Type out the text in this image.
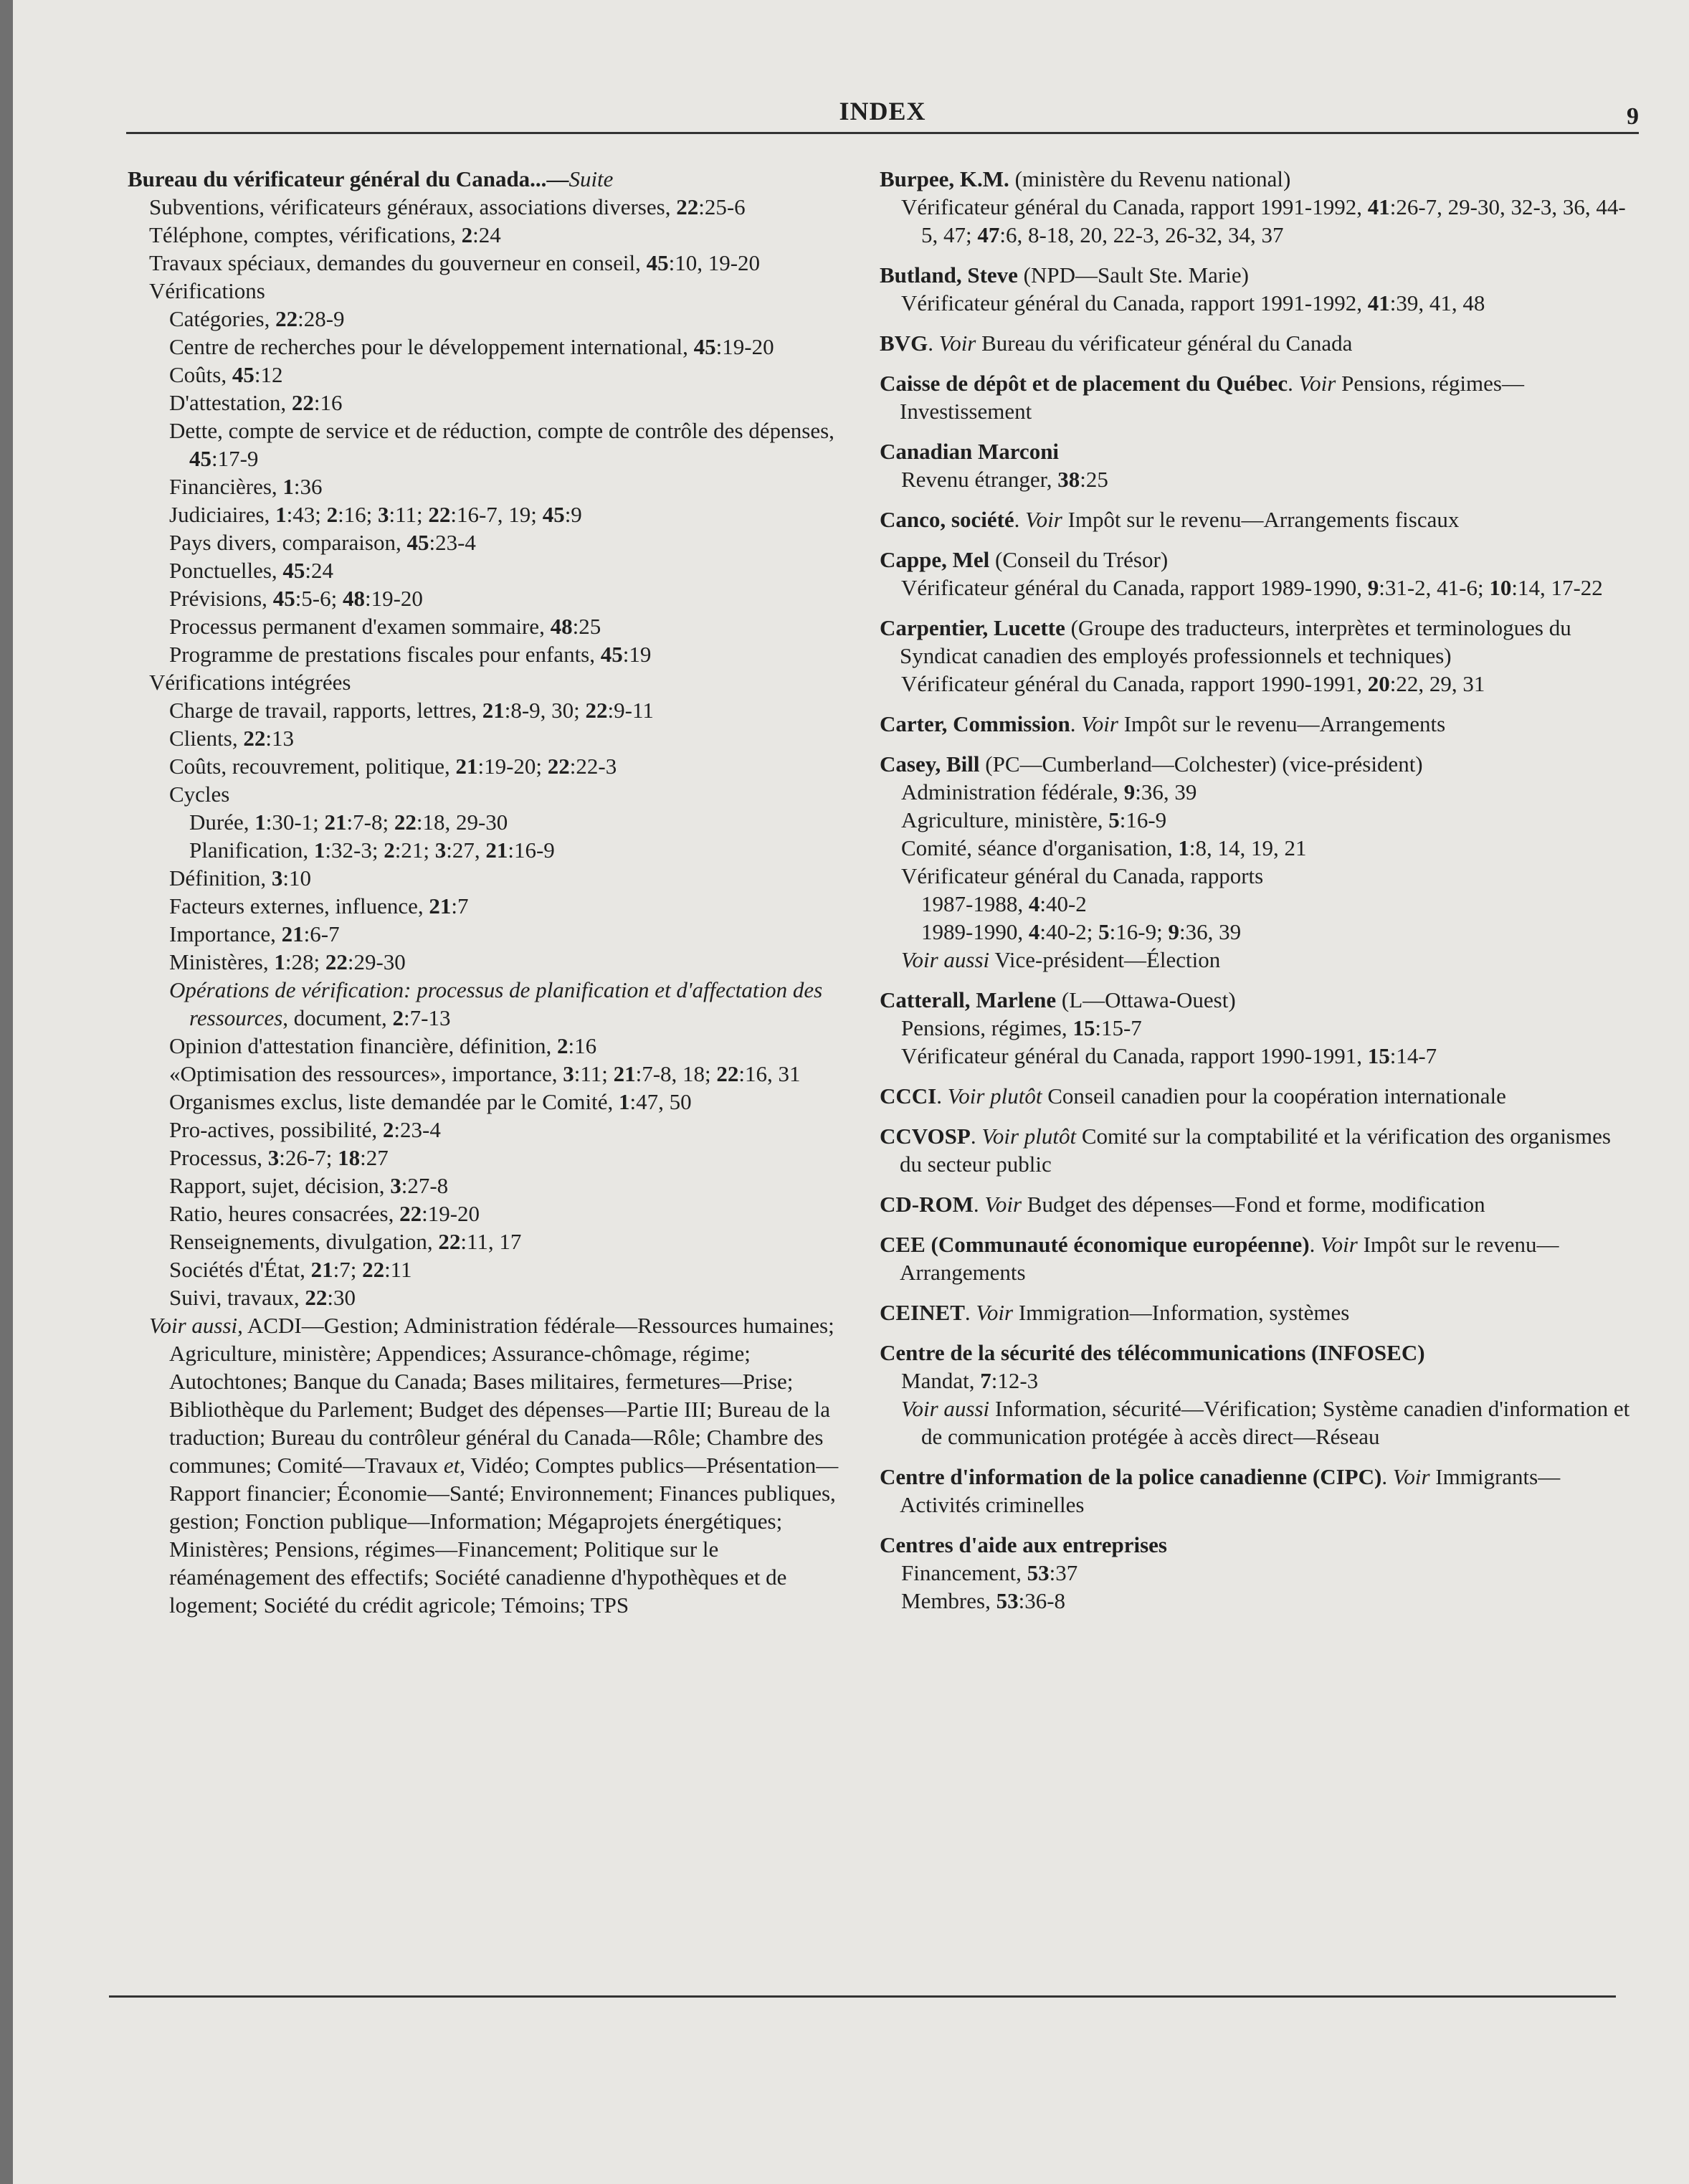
INDEX	9
Bureau du vérificateur général du Canada...—Suite
Subventions, vérificateurs généraux, associations diverses, 22:25-6
Téléphone, comptes, vérifications, 2:24
Travaux spéciaux, demandes du gouverneur en conseil, 45:10, 19-20
Vérifications
Catégories, 22:28-9
Centre de recherches pour le développement international, 45:19-20
Coûts, 45:12
D'attestation, 22:16
Dette, compte de service et de réduction, compte de contrôle des dépenses, 45:17-9
Financières, 1:36
Judiciaires, 1:43; 2:16; 3:11; 22:16-7, 19; 45:9
Pays divers, comparaison, 45:23-4
Ponctuelles, 45:24
Prévisions, 45:5-6; 48:19-20
Processus permanent d'examen sommaire, 48:25
Programme de prestations fiscales pour enfants, 45:19
Vérifications intégrées
Charge de travail, rapports, lettres, 21:8-9, 30; 22:9-11
Clients, 22:13
Coûts, recouvrement, politique, 21:19-20; 22:22-3
Cycles
Durée, 1:30-1; 21:7-8; 22:18, 29-30
Planification, 1:32-3; 2:21; 3:27, 21:16-9
Définition, 3:10
Facteurs externes, influence, 21:7
Importance, 21:6-7
Ministères, 1:28; 22:29-30
Opérations de vérification: processus de planification et d'affectation des ressources, document, 2:7-13
Opinion d'attestation financière, définition, 2:16
«Optimisation des ressources», importance, 3:11; 21:7-8, 18; 22:16, 31
Organismes exclus, liste demandée par le Comité, 1:47, 50
Pro-actives, possibilité, 2:23-4
Processus, 3:26-7; 18:27
Rapport, sujet, décision, 3:27-8
Ratio, heures consacrées, 22:19-20
Renseignements, divulgation, 22:11, 17
Sociétés d'État, 21:7; 22:11
Suivi, travaux, 22:30
Voir aussi, ACDI—Gestion; Administration fédérale—Ressources humaines; Agriculture, ministère; Appendices; Assurance-chômage, régime; Autochtones; Banque du Canada; Bases militaires, fermetures—Prise; Bibliothèque du Parlement; Budget des dépenses—Partie III; Bureau de la traduction; Bureau du contrôleur général du Canada—Rôle; Chambre des communes; Comité—Travaux et, Vidéo; Comptes publics—Présentation—Rapport financier; Économie—Santé; Environnement; Finances publiques, gestion; Fonction publique—Information; Mégaprojets énergétiques; Ministères; Pensions, régimes—Financement; Politique sur le réaménagement des effectifs; Société canadienne d'hypothèques et de logement; Société du crédit agricole; Témoins; TPS
Burpee, K.M. (ministère du Revenu national)
Vérificateur général du Canada, rapport 1991-1992, 41:26-7, 29-30, 32-3, 36, 44-5, 47; 47:6, 8-18, 20, 22-3, 26-32, 34, 37
Butland, Steve (NPD—Sault Ste. Marie)
Vérificateur général du Canada, rapport 1991-1992, 41:39, 41, 48
BVG. Voir Bureau du vérificateur général du Canada
Caisse de dépôt et de placement du Québec. Voir Pensions, régimes—Investissement
Canadian Marconi
Revenu étranger, 38:25
Canco, société. Voir Impôt sur le revenu—Arrangements fiscaux
Cappe, Mel (Conseil du Trésor)
Vérificateur général du Canada, rapport 1989-1990, 9:31-2, 41-6; 10:14, 17-22
Carpentier, Lucette (Groupe des traducteurs, interprètes et terminologues du Syndicat canadien des employés professionnels et techniques)
Vérificateur général du Canada, rapport 1990-1991, 20:22, 29, 31
Carter, Commission. Voir Impôt sur le revenu—Arrangements
Casey, Bill (PC—Cumberland—Colchester) (vice-président)
Administration fédérale, 9:36, 39
Agriculture, ministère, 5:16-9
Comité, séance d'organisation, 1:8, 14, 19, 21
Vérificateur général du Canada, rapports
1987-1988, 4:40-2
1989-1990, 4:40-2; 5:16-9; 9:36, 39
Voir aussi Vice-président—Élection
Catterall, Marlene (L—Ottawa-Ouest)
Pensions, régimes, 15:15-7
Vérificateur général du Canada, rapport 1990-1991, 15:14-7
CCCI. Voir plutôt Conseil canadien pour la coopération internationale
CCVOSP. Voir plutôt Comité sur la comptabilité et la vérification des organismes du secteur public
CD-ROM. Voir Budget des dépenses—Fond et forme, modification
CEE (Communauté économique européenne). Voir Impôt sur le revenu—Arrangements
CEINET. Voir Immigration—Information, systèmes
Centre de la sécurité des télécommunications (INFOSEC)
Mandat, 7:12-3
Voir aussi Information, sécurité—Vérification; Système canadien d'information et de communication protégée à accès direct—Réseau
Centre d'information de la police canadienne (CIPC). Voir Immigrants—Activités criminelles
Centres d'aide aux entreprises
Financement, 53:37
Membres, 53:36-8
